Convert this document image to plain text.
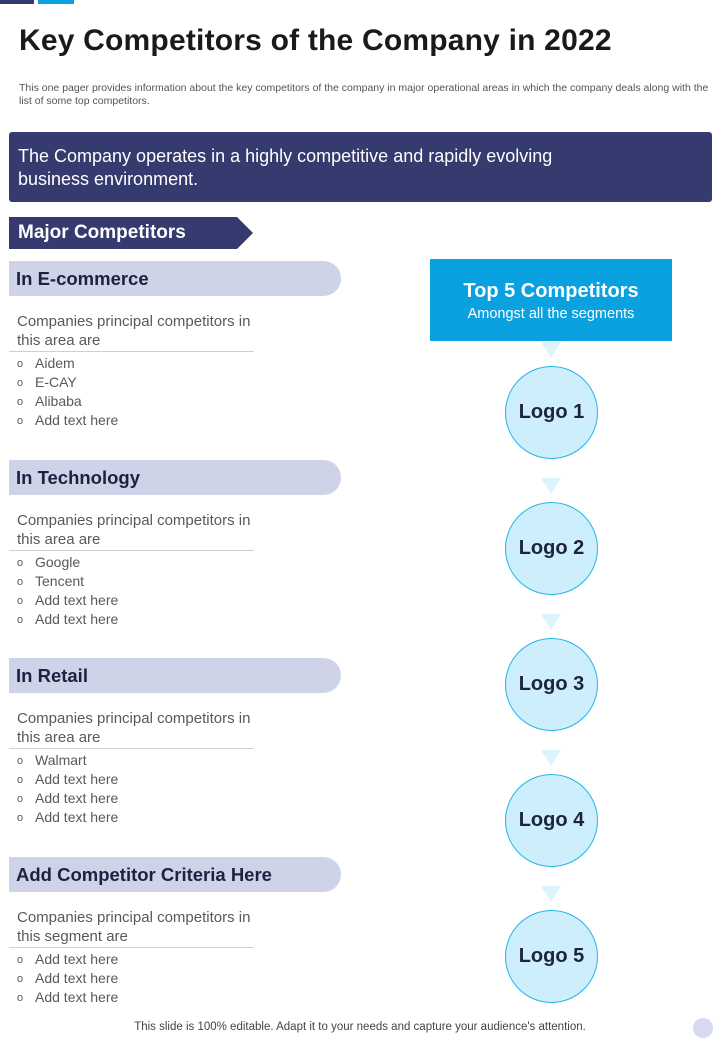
Key Competitors of the Company in 2022

This one pager provides information about the key competitors of the company in major operational areas in which the company deals along with the list of some top competitors.

The Company operates in a highly competitive and rapidly evolving business environment.
Major Competitors
In E-commerce
Companies principal competitors in this area are
o Aidem
o E-CAY
o Alibaba
o Add text here
In Technology
Companies principal competitors in this area are
o Google
o Tencent
o Add text here
o Add text here
In Retail
Companies principal competitors in this area are
o Walmart
o Add text here
o Add text here
o Add text here
Add Competitor Criteria Here
Companies principal competitors in this segment are
o Add text here
o Add text here
o Add text here
Top 5 Competitors
Amongst all the segments
Logo 1
Logo 2
Logo 3
Logo 4
Logo 5
This slide is 100% editable. Adapt it to your needs and capture your audience's attention.
